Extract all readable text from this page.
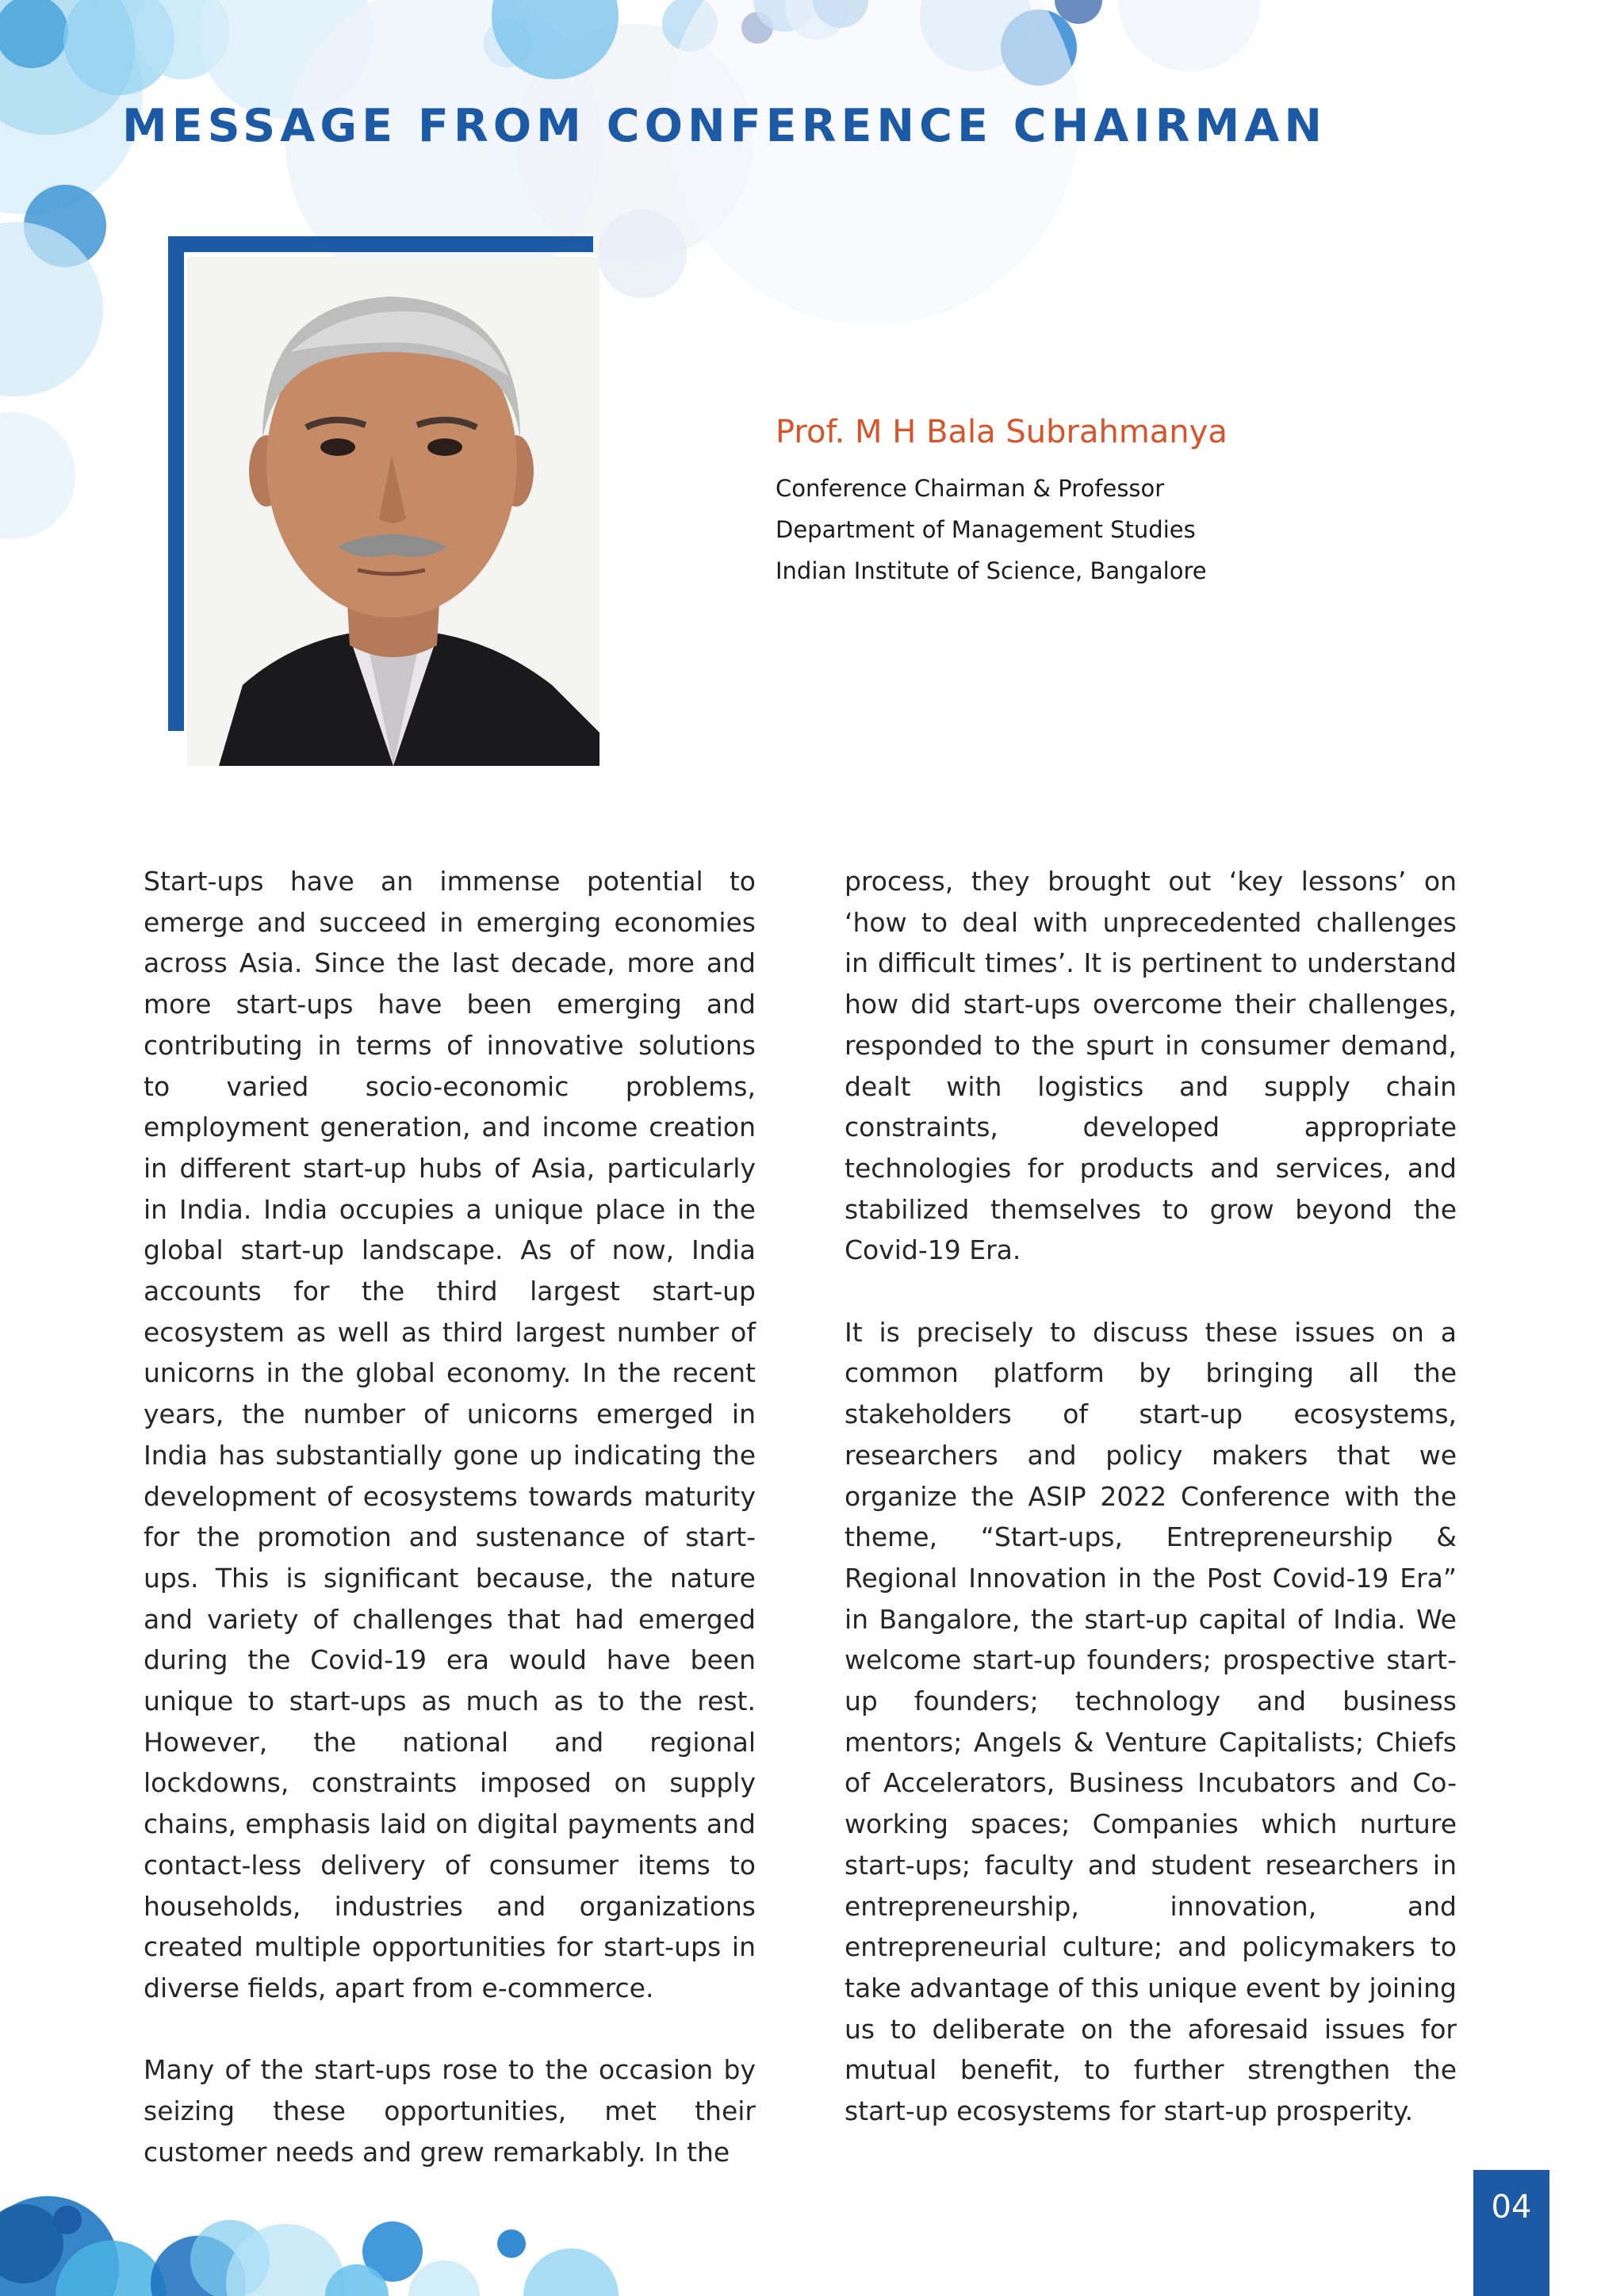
MESSAGE FROM CONFERENCE CHAIRMAN
Prof. M H Bala Subrahmanya
Conference Chairman & Professor
Department of Management Studies
Indian Institute of Science, Bangalore

Start-ups have an immense potential to emerge and succeed in emerging economies across Asia. Since the last decade, more and more start-ups have been emerging and contributing in terms of innovative solutions to varied socio-economic problems, employment generation, and income creation in different start-up hubs of Asia, particularly in India. India occupies a unique place in the global start-up landscape. As of now, India accounts for the third largest start-up ecosystem as well as third largest number of unicorns in the global economy. In the recent years, the number of unicorns emerged in India has substantially gone up indicating the development of ecosystems towards maturity for the promotion and sustenance of start-ups. This is significant because, the nature and variety of challenges that had emerged during the Covid-19 era would have been unique to start-ups as much as to the rest. However, the national and regional lockdowns, constraints imposed on supply chains, emphasis laid on digital payments and contact-less delivery of consumer items to households, industries and organizations created multiple opportunities for start-ups in diverse fields, apart from e-commerce.

Many of the start-ups rose to the occasion by seizing these opportunities, met their customer needs and grew remarkably. In the

process, they brought out ‘key lessons’ on ‘how to deal with unprecedented challenges in difficult times’. It is pertinent to understand how did start-ups overcome their challenges, responded to the spurt in consumer demand, dealt with logistics and supply chain constraints, developed appropriate technologies for products and services, and stabilized themselves to grow beyond the Covid-19 Era.

It is precisely to discuss these issues on a common platform by bringing all the stakeholders of start-up ecosystems, researchers and policy makers that we organize the ASIP 2022 Conference with the theme, “Start-ups, Entrepreneurship & Regional Innovation in the Post Covid-19 Era” in Bangalore, the start-up capital of India. We welcome start-up founders; prospective start-up founders; technology and business mentors; Angels & Venture Capitalists; Chiefs of Accelerators, Business Incubators and Co-working spaces; Companies which nurture start-ups; faculty and student researchers in entrepreneurship, innovation, and entrepreneurial culture; and policymakers to take advantage of this unique event by joining us to deliberate on the aforesaid issues for mutual benefit, to further strengthen the start-up ecosystems for start-up prosperity.

04
